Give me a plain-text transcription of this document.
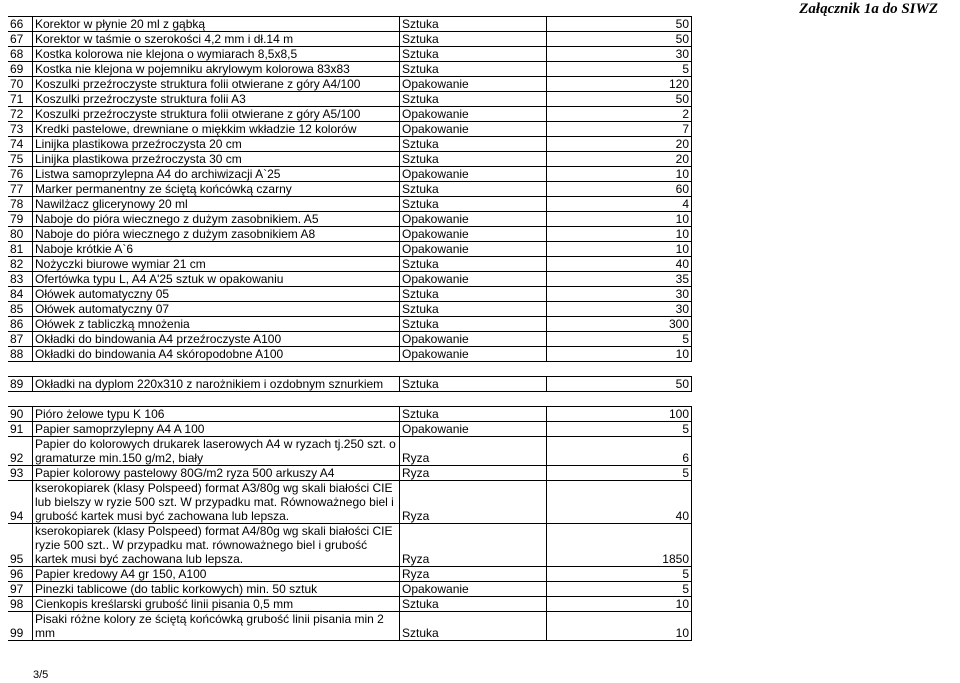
Załącznik 1a do SIWZ

66	Korektor w płynie 20 ml z gąbką	Sztuka	50
67	Korektor w taśmie o szerokości 4,2 mm i dł.14 m	Sztuka	50
68	Kostka kolorowa nie klejona o wymiarach 8,5x8,5	Sztuka	30
69	Kostka nie klejona w pojemniku akrylowym kolorowa 83x83	Sztuka	5
70	Koszulki przeźroczyste struktura folii otwierane z góry A4/100	Opakowanie	120
71	Koszulki przeźroczyste struktura folii A3	Sztuka	50
72	Koszulki przeźroczyste struktura folii otwierane z góry A5/100	Opakowanie	2
73	Kredki pastelowe, drewniane o miękkim wkładzie 12 kolorów	Opakowanie	7
74	Linijka plastikowa przeźroczysta 20 cm	Sztuka	20
75	Linijka plastikowa przeźroczysta 30 cm	Sztuka	20
76	Listwa samoprzylepna A4 do archiwizacji A`25	Opakowanie	10
77	Marker permanentny ze ściętą końcówką czarny	Sztuka	60
78	Nawilżacz glicerynowy 20 ml	Sztuka	4
79	Naboje do pióra wiecznego z dużym zasobnikiem. A5	Opakowanie	10
80	Naboje do pióra wiecznego z dużym zasobnikiem A8	Opakowanie	10
81	Naboje krótkie A`6	Opakowanie	10
82	Nożyczki biurowe wymiar 21 cm	Sztuka	40
83	Ofertówka typu L, A4 A'25 sztuk w opakowaniu	Opakowanie	35
84	Ołówek automatyczny 05	Sztuka	30
85	Ołówek automatyczny 07	Sztuka	30
86	Ołówek z tabliczką mnożenia	Sztuka	300
87	Okładki do bindowania A4 przeźroczyste A100	Opakowanie	5
88	Okładki do bindowania A4 skóropodobne A100	Opakowanie	10

89	Okładki na dyplom 220x310 z narożnikiem i ozdobnym sznurkiem	Sztuka	50

90	Pióro żelowe typu K 106	Sztuka	100
91	Papier samoprzylepny A4 A 100	Opakowanie	5
92	Papier do kolorowych drukarek laserowych A4 w ryzach tj.250 szt. o gramaturze min.150 g/m2, biały	Ryza	6
93	Papier kolorowy pastelowy 80G/m2 ryza 500 arkuszy A4	Ryza	5
94	kserokopiarek (klasy Polspeed) format A3/80g wg skali białości CIE lub bielszy w ryzie 500 szt. W przypadku mat. Równoważnego biel i grubość kartek musi być zachowana lub lepsza.	Ryza	40
95	kserokopiarek (klasy Polspeed) format A4/80g wg skali białości CIE ryzie 500 szt.. W przypadku mat. równoważnego biel i grubość kartek musi być zachowana lub lepsza.	Ryza	1850
96	Papier kredowy A4 gr 150, A100	Ryza	5
97	Pinezki tablicowe (do tablic korkowych) min. 50 sztuk	Opakowanie	5
98	Cienkopis kreślarski grubość linii pisania 0,5 mm	Sztuka	10
99	Pisaki różne kolory ze ściętą końcówką grubość linii pisania min 2 mm	Sztuka	10
3/5
